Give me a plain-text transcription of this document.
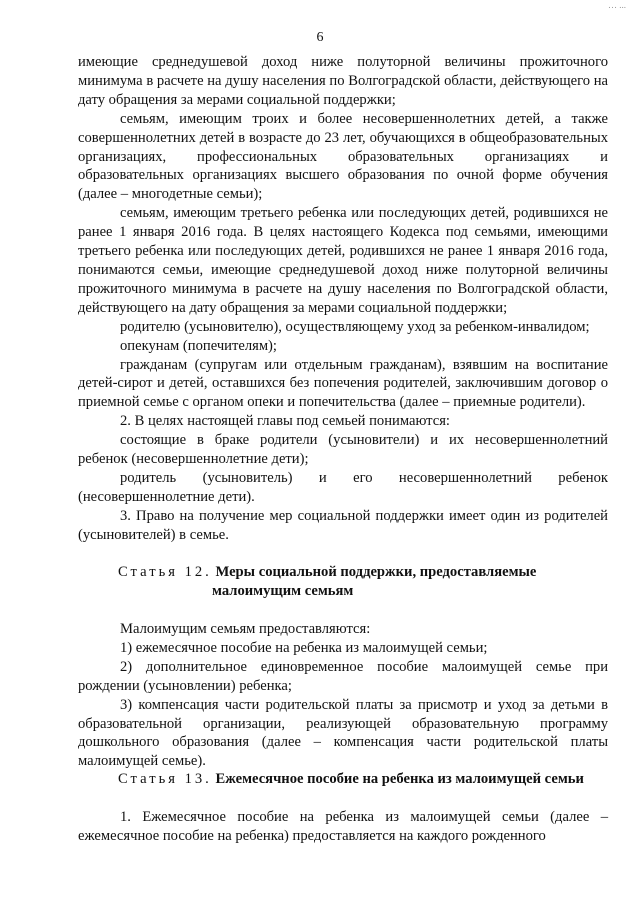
… ...
6

имеющие среднедушевой доход ниже полуторной величины прожиточного минимума в расчете на душу населения по Волгоградской области, действующего на дату обращения за мерами социальной поддержки;

семьям, имеющим троих и более несовершеннолетних детей, а также совершеннолетних детей в возрасте до 23 лет, обучающихся в общеобразовательных организациях, профессиональных образовательных организациях и образовательных организациях высшего образования по очной форме обучения (далее – многодетные семьи);

семьям, имеющим третьего ребенка или последующих детей, родившихся не ранее 1 января 2016 года. В целях настоящего Кодекса под семьями, имеющими третьего ребенка или последующих детей, родившихся не ранее 1 января 2016 года, понимаются семьи, имеющие среднедушевой доход ниже полуторной величины прожиточного минимума в расчете на душу населения по Волгоградской области, действующего на дату обращения за мерами социальной поддержки;

родителю (усыновителю), осуществляющему уход за ребенком-инвалидом;

опекунам (попечителям);

гражданам (супругам или отдельным гражданам), взявшим на воспитание детей-сирот и детей, оставшихся без попечения родителей, заключившим договор о приемной семье с органом опеки и попечительства (далее – приемные родители).

2. В целях настоящей главы под семьей понимаются:

состоящие в браке родители (усыновители) и их несовершеннолетний ребенок (несовершеннолетние дети);

родитель (усыновитель) и его несовершеннолетний ребенок (несовершеннолетние дети).

3. Право на получение мер социальной поддержки имеет один из родителей (усыновителей) в семье.

Статья 12. Меры социальной поддержки, предоставляемые
малоимущим семьям

Малоимущим семьям предоставляются:

1) ежемесячное пособие на ребенка из малоимущей семьи;

2) дополнительное единовременное пособие малоимущей семье при рождении (усыновлении) ребенка;

3) компенсация части родительской платы за присмотр и уход за детьми в образовательной организации, реализующей образовательную программу дошкольного образования (далее – компенсация части родительской платы малоимущей семье).

Статья 13. Ежемесячное пособие на ребенка из малоимущей семьи

1. Ежемесячное пособие на ребенка из малоимущей семьи (далее – ежемесячное пособие на ребенка) предоставляется на каждого рожденного
